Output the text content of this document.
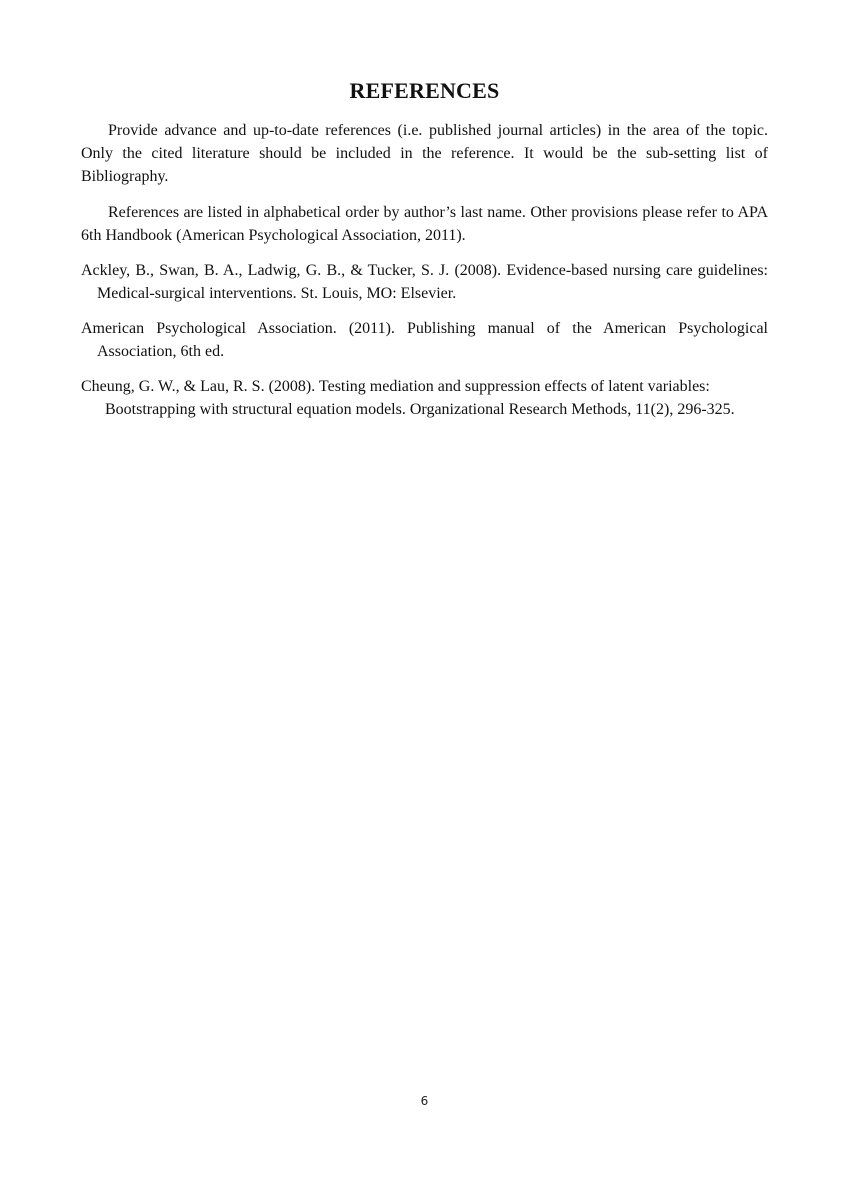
REFERENCES

Provide advance and up-to-date references (i.e. published journal articles) in the area of the topic. Only the cited literature should be included in the reference. It would be the sub-setting list of Bibliography.

References are listed in alphabetical order by author’s last name. Other provisions please refer to APA 6th Handbook (American Psychological Association, 2011).

Ackley, B., Swan, B. A., Ladwig, G. B., & Tucker, S. J. (2008). Evidence-based nursing care guidelines: Medical-surgical interventions. St. Louis, MO: Elsevier.

American Psychological Association. (2011). Publishing manual of the American Psychological Association, 6th ed.

Cheung, G. W., & Lau, R. S. (2008). Testing mediation and suppression effects of latent variables: Bootstrapping with structural equation models. Organizational Research Methods, 11(2), 296-325.

6
